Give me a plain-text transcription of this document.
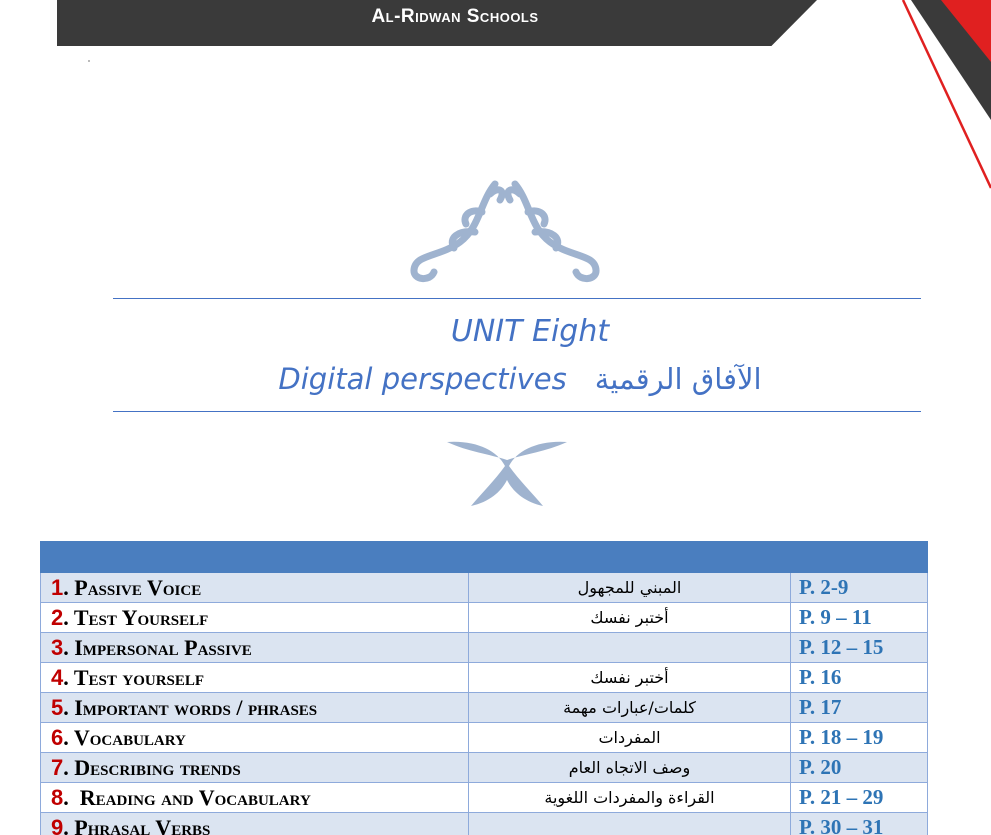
Al-Ridwan Schools
UNIT Eight
Digital perspectives الآفاق الرقمية

1. Passive Voice	المبني للمجهول	P. 2-9
2. Test Yourself	أختبر نفسك	P. 9 – 11
3. Impersonal Passive		P. 12 – 15
4. Test yourself	أختبر نفسك	P. 16
5. Important words / phrases	كلمات/عبارات مهمة	P. 17
6. Vocabulary	المفردات	P. 18 – 19
7. Describing trends	وصف الاتجاه العام	P. 20
8.  Reading and Vocabulary	القراءة والمفردات اللغوية	P. 21 – 29
9. Phrasal Verbs		P. 30 – 31
